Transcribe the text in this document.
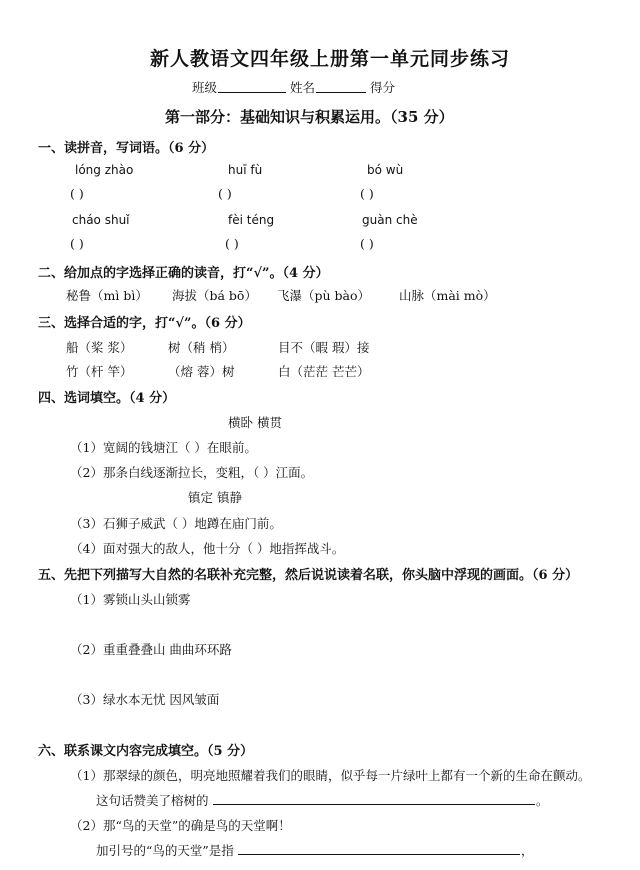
新人教语文四年级上册第一单元同步练习
班级	姓名	得分
第一部分：基础知识与积累运用。（35 分）
一、读拼音，写词语。（6 分）
lóng zhào	huī fù	bó wù
( )	( )	( )
cháo shuǐ	fèi téng	guàn chè
( )	( )	( )
二、给加点的字选择正确的读音，打“√”。（4 分）
秘鲁（mì bì） 海拔（bá bō） 飞瀑（pù bào） 山脉（mài mò）
三、选择合适的字，打“√”。（6 分）
船（桨 浆）	树（稍 梢）	目不（暇 瑕）接
竹（杆 竿）	（熔 蓉）树	白（茫茫 芒芒）
四、选词填空。（4 分）
横卧 横贯
（1）宽阔的钱塘江（ ）在眼前。
（2）那条白线逐渐拉长，变粗，（ ）江面。
镇定 镇静
（3）石狮子威武（ ）地蹲在庙门前。
（4）面对强大的敌人，他十分（ ）地指挥战斗。
五、先把下列描写大自然的名联补充完整，然后说说读着名联，你头脑中浮现的画面。（6 分）
（1）雾锁山头山锁雾
（2）重重叠叠山 曲曲环环路
（3）绿水本无忧 因风皱面
六、联系课文内容完成填空。（5 分）
（1）那翠绿的颜色，明亮地照耀着我们的眼睛，似乎每一片绿叶上都有一个新的生命在颤动。
这句话赞美了榕树的	。
（2）那“鸟的天堂”的确是鸟的天堂啊！
加引号的“鸟的天堂”是指	，
